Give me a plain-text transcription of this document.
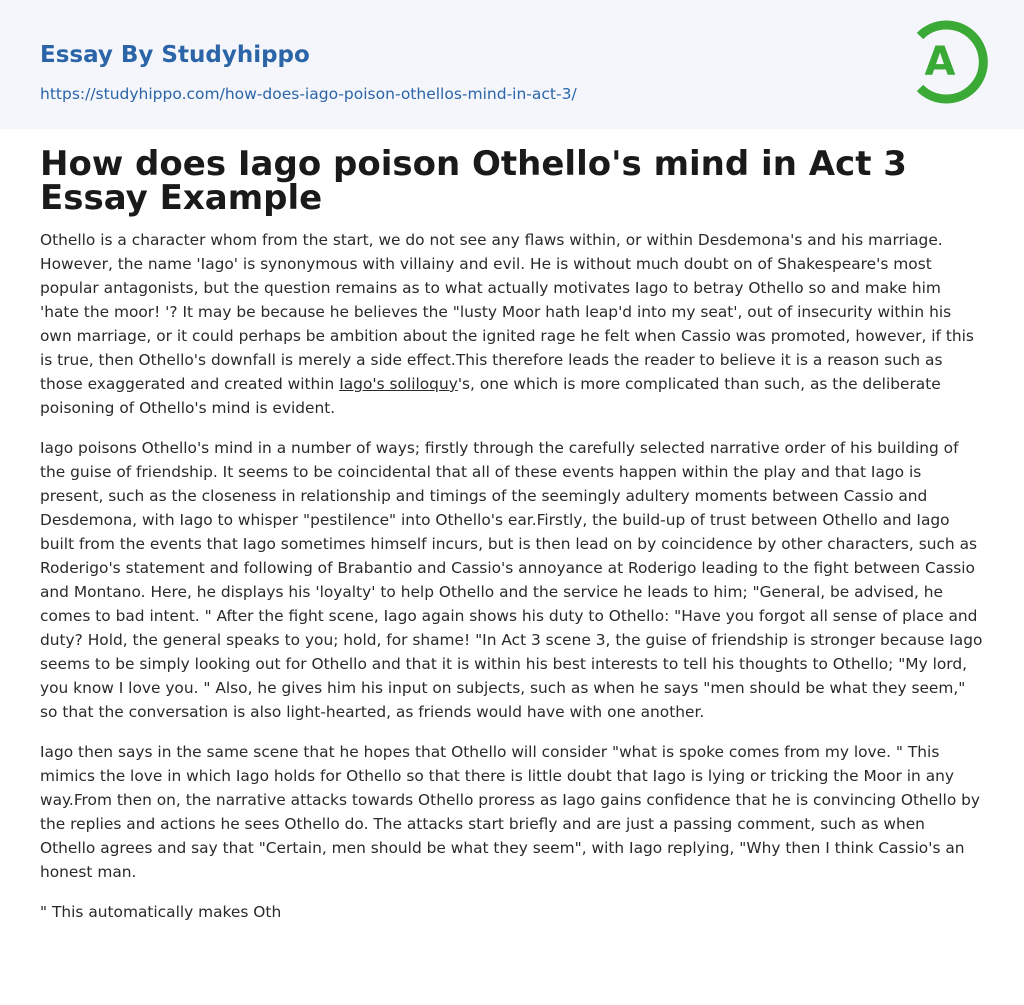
Essay By Studyhippo
https://studyhippo.com/how-does-iago-poison-othellos-mind-in-act-3/
A
How does Iago poison Othello's mind in Act 3 Essay Example

Othello is a character whom from the start, we do not see any flaws within, or within Desdemona's and his marriage. However, the name 'Iago' is synonymous with villainy and evil. He is without much doubt on of Shakespeare's most popular antagonists, but the question remains as to what actually motivates Iago to betray Othello so and make him 'hate the moor! '? It may be because he believes the "lusty Moor hath leap'd into my seat', out of insecurity within his own marriage, or it could perhaps be ambition about the ignited rage he felt when Cassio was promoted, however, if this is true, then Othello's downfall is merely a side effect.This therefore leads the reader to believe it is a reason such as those exaggerated and created within Iago's soliloquy's, one which is more complicated than such, as the deliberate poisoning of Othello's mind is evident.

Iago poisons Othello's mind in a number of ways; firstly through the carefully selected narrative order of his building of the guise of friendship. It seems to be coincidental that all of these events happen within the play and that Iago is present, such as the closeness in relationship and timings of the seemingly adultery moments between Cassio and Desdemona, with Iago to whisper "pestilence" into Othello's ear.Firstly, the build-up of trust between Othello and Iago built from the events that Iago sometimes himself incurs, but is then lead on by coincidence by other characters, such as Roderigo's statement and following of Brabantio and Cassio's annoyance at Roderigo leading to the fight between Cassio and Montano. Here, he displays his 'loyalty' to help Othello and the service he leads to him; "General, be advised, he comes to bad intent. " After the fight scene, Iago again shows his duty to Othello: "Have you forgot all sense of place and duty? Hold, the general speaks to you; hold, for shame! "In Act 3 scene 3, the guise of friendship is stronger because Iago seems to be simply looking out for Othello and that it is within his best interests to tell his thoughts to Othello; "My lord, you know I love you. " Also, he gives him his input on subjects, such as when he says "men should be what they seem," so that the conversation is also light-hearted, as friends would have with one another.

Iago then says in the same scene that he hopes that Othello will consider "what is spoke comes from my love. " This mimics the love in which Iago holds for Othello so that there is little doubt that Iago is lying or tricking the Moor in any way.From then on, the narrative attacks towards Othello proress as Iago gains confidence that he is convincing Othello by the replies and actions he sees Othello do. The attacks start briefly and are just a passing comment, such as when Othello agrees and say that "Certain, men should be what they seem", with Iago replying, "Why then I think Cassio's an honest man.

" This automatically makes Oth
